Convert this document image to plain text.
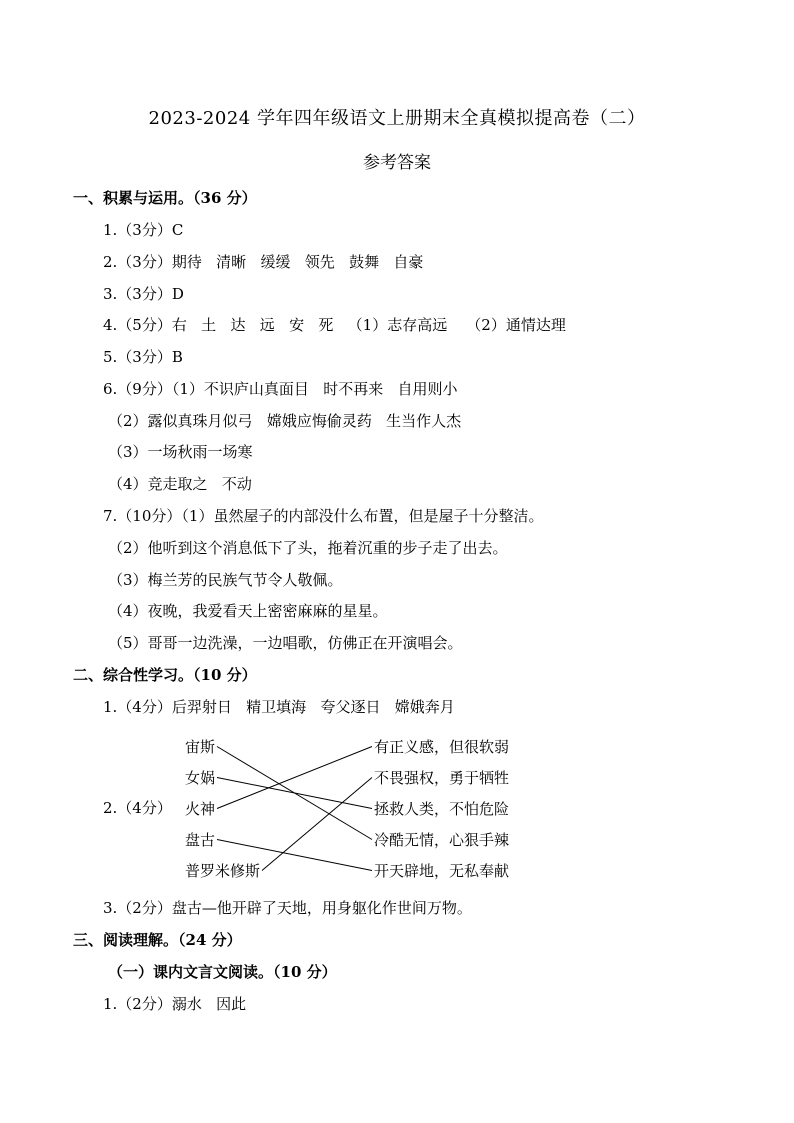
2023-2024 学年四年级语文上册期末全真模拟提高卷（二）
参考答案
一、积累与运用。（36 分）
1.（3分）C
2.（3分）期待   清晰   缓缓   领先   鼓舞   自豪
3.（3分）D
4.（5分）右   土   达   远   安   死   （1）志存高远    （2）通情达理
5.（3分）B
6.（9分）（1）不识庐山真面目   时不再来   自用则小
（2）露似真珠月似弓   嫦娥应悔偷灵药   生当作人杰
（3）一场秋雨一场寒
（4）竞走取之   不动
7.（10分）（1）虽然屋子的内部没什么布置，但是屋子十分整洁。
（2）他听到这个消息低下了头，拖着沉重的步子走了出去。
（3）梅兰芳的民族气节令人敬佩。
（4）夜晚，我爱看天上密密麻麻的星星。
（5）哥哥一边洗澡，一边唱歌，仿佛正在开演唱会。
二、综合性学习。（10 分）
1.（4分）后羿射日   精卫填海   夸父逐日   嫦娥奔月
2.（4分）
宙斯
女娲
火神
盘古
普罗米修斯
有正义感，但很软弱
不畏强权，勇于牺牲
拯救人类，不怕危险
冷酷无情，心狠手辣
开天辟地，无私奉献
3.（2分）盘古—他开辟了天地，用身躯化作世间万物。
三、阅读理解。（24 分）
（一）课内文言文阅读。（10 分）
1.（2分）溺水   因此
